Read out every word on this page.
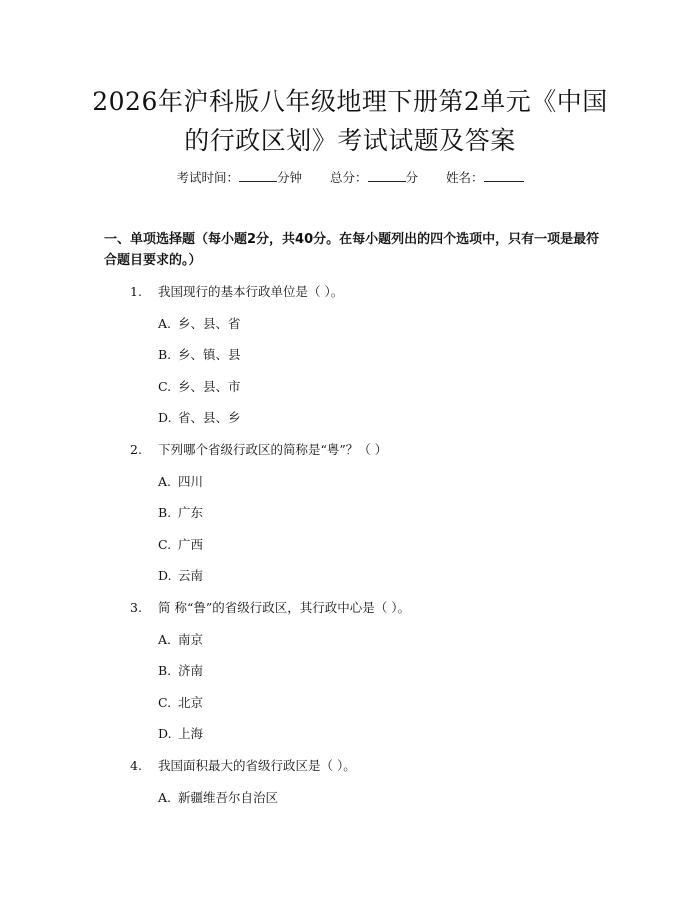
2026年沪科版八年级地理下册第2单元《中国的行政区划》考试试题及答案
考试时间：	分钟 总分：	分 姓名：
一、单项选择题（每小题2分，共40分。在每小题列出的四个选项中，只有一项是最符合题目要求的。）
1. 我国现行的基本行政单位是（ ）。
A. 乡、县、省
B. 乡、镇、县
C. 乡、县、市
D. 省、县、乡
2. 下列哪个省级行政区的简称是“粤”？（ ）
A. 四川
B. 广东
C. 广西
D. 云南
3. 简 称“鲁”的省级行政区，其行政中心是（ ）。
A. 南京
B. 济南
C. 北京
D. 上海
4. 我国面积最大的省级行政区是（ ）。
A. 新疆维吾尔自治区
